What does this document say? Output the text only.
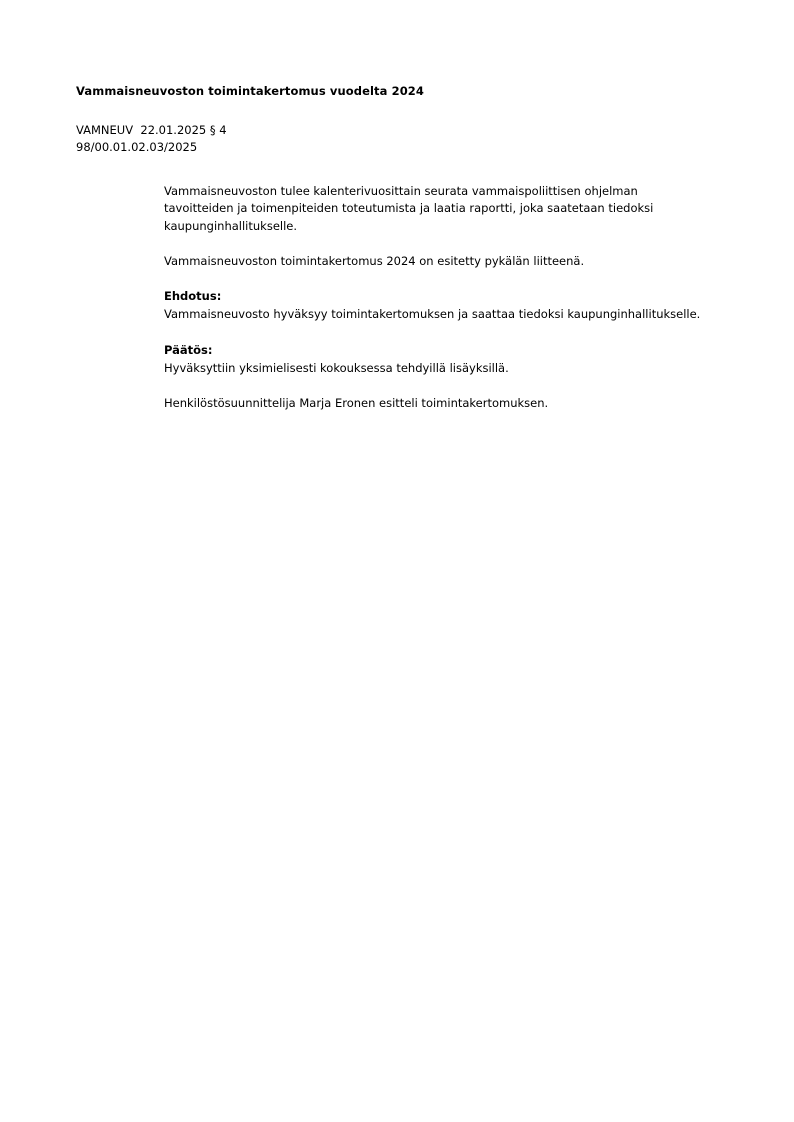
Vammaisneuvoston toimintakertomus vuodelta 2024
VAMNEUV  22.01.2025 § 4
98/00.01.02.03/2025

Vammaisneuvoston tulee kalenterivuosittain seurata vammaispoliittisen ohjelman tavoitteiden ja toimenpiteiden toteutumista ja laatia raportti, joka saatetaan tiedoksi kaupunginhallitukselle.

Vammaisneuvoston toimintakertomus 2024 on esitetty pykälän liitteenä.

Ehdotus:

Vammaisneuvosto hyväksyy toimintakertomuksen ja saattaa tiedoksi kaupunginhallitukselle.

Päätös:

Hyväksyttiin yksimielisesti kokouksessa tehdyillä lisäyksillä.

Henkilöstösuunnittelija Marja Eronen esitteli toimintakertomuksen.
